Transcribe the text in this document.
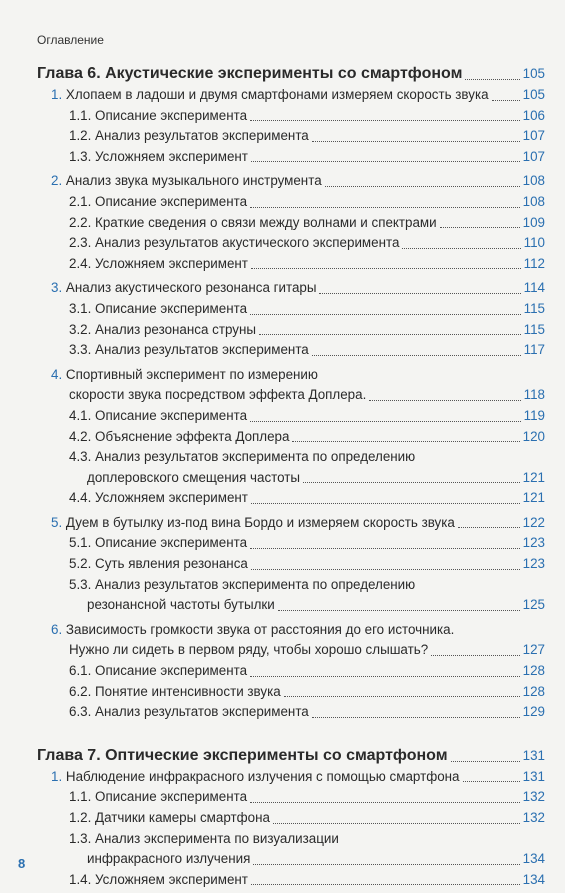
Оглавление
Глава 6. Акустические эксперименты со смартфоном	105
1. Хлопаем в ладоши и двумя смартфонами измеряем скорость звука	105
1.1. Описание эксперимента	106
1.2. Анализ результатов эксперимента	107
1.3. Усложняем эксперимент	107
2. Анализ звука музыкального инструмента	108
2.1. Описание эксперимента	108
2.2. Краткие сведения о связи между волнами и спектрами	109
2.3. Анализ результатов акустического эксперимента	110
2.4. Усложняем эксперимент	112
3. Анализ акустического резонанса гитары	114
3.1. Описание эксперимента	115
3.2. Анализ резонанса струны	115
3.3. Анализ результатов эксперимента	117
4. Спортивный эксперимент по измерению
скорости звука посредством эффекта Доплера.	118
4.1. Описание эксперимента	119
4.2. Объяснение эффекта Доплера	120
4.3. Анализ результатов эксперимента по определению
доплеровского смещения частоты	121
4.4. Усложняем эксперимент	121
5. Дуем в бутылку из-под вина Бордо и измеряем скорость звука	122
5.1. Описание эксперимента	123
5.2. Суть явления резонанса	123
5.3. Анализ результатов эксперимента по определению
резонансной частоты бутылки	125
6. Зависимость громкости звука от расстояния до его источника.
Нужно ли сидеть в первом ряду, чтобы хорошо слышать?	127
6.1. Описание эксперимента	128
6.2. Понятие интенсивности звука	128
6.3. Анализ результатов эксперимента	129
Глава 7. Оптические эксперименты со смартфоном	131
1. Наблюдение инфракрасного излучения с помощью смартфона	131
1.1. Описание эксперимента	132
1.2. Датчики камеры смартфона	132
1.3. Анализ эксперимента по визуализации
инфракрасного излучения	134
1.4. Усложняем эксперимент	134
8
